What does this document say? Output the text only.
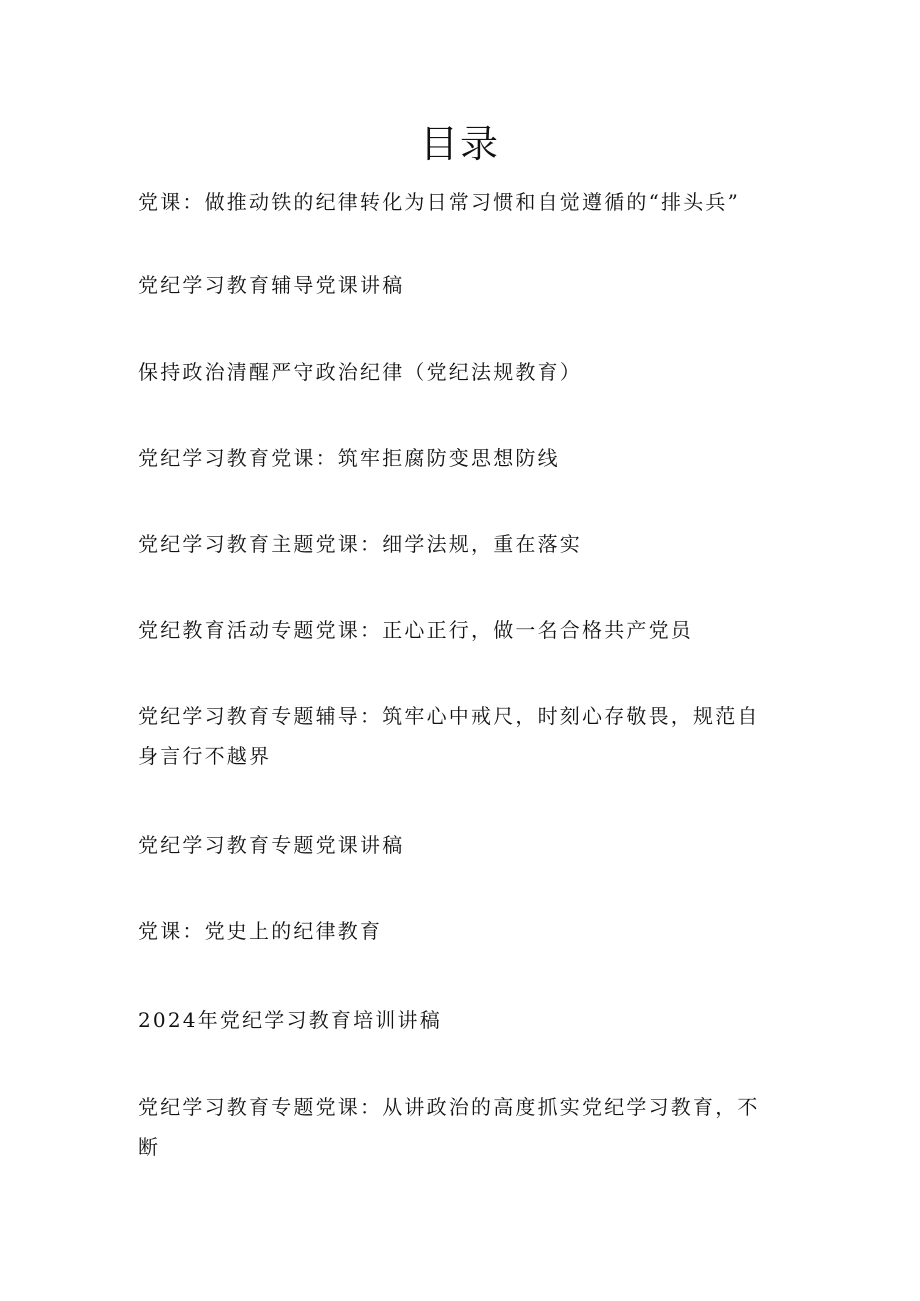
目录
党课：做推动铁的纪律转化为日常习惯和自觉遵循的“排头兵”
党纪学习教育辅导党课讲稿
保持政治清醒严守政治纪律（党纪法规教育）
党纪学习教育党课：筑牢拒腐防变思想防线
党纪学习教育主题党课：细学法规，重在落实
党纪教育活动专题党课：正心正行，做一名合格共产党员
党纪学习教育专题辅导：筑牢心中戒尺，时刻心存敬畏，规范自身言行不越界
党纪学习教育专题党课讲稿
党课：党史上的纪律教育
2024年党纪学习教育培训讲稿
党纪学习教育专题党课：从讲政治的高度抓实党纪学习教育，不断
